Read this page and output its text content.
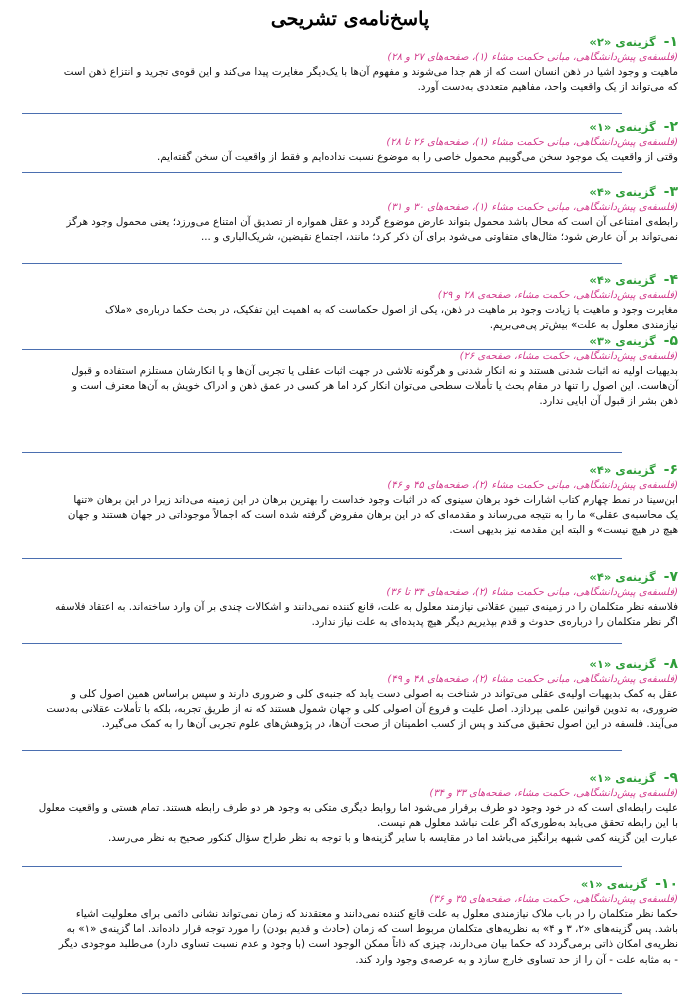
پاسخ‌نامه‌ی تشریحی
۱- گزینه‌ی «۲»
(فلسفه‌ی پیش‌دانشگاهی، مبانی حکمت مشاء (۱)، صفحه‌های ۲۷ و ۲۸)

ماهیت و وجود اشیا در ذهن انسان است که از هم جدا می‌شوند و مفهوم آن‌ها با یک‌دیگر مغایرت پیدا می‌کند و این قوه‌ی تجرید و انتزاع ذهن است

که می‌تواند از یک واقعیت واحد، مفاهیم متعددی به‌دست آورد.

۲- گزینه‌ی «۱»
(فلسفه‌ی پیش‌دانشگاهی، مبانی حکمت مشاء (۱)، صفحه‌های ۲۶ تا ۲۸)

وقتی از واقعیت یک موجود سخن می‌گوییم محمول خاصی را به موضوع نسبت نداده‌ایم و فقط از واقعیت آن سخن گفته‌ایم.

۳- گزینه‌ی «۴»
(فلسفه‌ی پیش‌دانشگاهی، مبانی حکمت مشاء (۱)، صفحه‌های ۳۰ و ۳۱)

رابطه‌ی امتناعی آن است که محال باشد محمول بتواند عارض موضوع گردد و عقل همواره از تصدیق آن امتناع می‌ورزد؛ یعنی محمول وجود هرگز

نمی‌تواند بر آن عارض شود؛ مثال‌های متفاوتی می‌شود برای آن ذکر کرد؛ مانند، اجتماع نقیضین، شریک‌الباری و ...

۴- گزینه‌ی «۴»
(فلسفه‌ی پیش‌دانشگاهی، حکمت مشاء، صفحه‌ی ۲۸ و ۲۹)

مغایرت وجود و ماهیت یا زیادت وجود بر ماهیت در ذهن، یکی از اصول حکماست که به اهمیت این تفکیک، در بحث حکما درباره‌ی «ملاک

نیازمندی معلول به علت» بیش‌تر پی‌می‌بریم.

۵- گزینه‌ی «۳»
(فلسفه‌ی پیش‌دانشگاهی، حکمت مشاء، صفحه‌ی ۲۶)

بدیهیات اولیه نه اثبات شدنی هستند و نه انکار شدنی و هرگونه تلاشی در جهت اثبات عقلی یا تجربی آن‌ها و یا انکارشان مستلزم استفاده و قبول

آن‌هاست. این اصول را تنها در مقام بحث یا تأملات سطحی می‌توان انکار کرد اما هر کسی در عمق ذهن و ادراک خویش به آن‌ها معترف است و

ذهن بشر از قبول آن ابایی ندارد.

۶- گزینه‌ی «۴»
(فلسفه‌ی پیش‌دانشگاهی، مبانی حکمت مشاء (۲)، صفحه‌های ۴۵ و ۴۶)

ابن‌سینا در نمط چهارم کتاب اشارات خود برهان سینوی که در اثبات وجود خداست را بهترین برهان در این زمینه می‌داند زیرا در این برهان «تنها

یک محاسبه‌ی عقلی» ما را به نتیجه می‌رساند و مقدمه‌ای که در این برهان مفروض گرفته شده است که اجمالاً موجوداتی در جهان هستند و جهان

هیچ در هیچ نیست» و البته این مقدمه نیز بدیهی است.

۷- گزینه‌ی «۴»
(فلسفه‌ی پیش‌دانشگاهی، مبانی حکمت مشاء (۲)، صفحه‌های ۳۴ تا ۳۶)

فلاسفه نظر متکلمان را در زمینه‌ی تبیین عقلانی نیازمند معلول به علت، قانع کننده نمی‌دانند و اشکالات چندی بر آن وارد ساخته‌اند. به اعتقاد فلاسفه

اگر نظر متکلمان را درباره‌ی حدوث و قدم بپذیریم دیگر هیچ پدیده‌ای به علت نیاز ندارد.

۸- گزینه‌ی «۱»
(فلسفه‌ی پیش‌دانشگاهی، مبانی حکمت مشاء (۲)، صفحه‌های ۴۸ و ۴۹)

عقل به کمک بدیهیات اولیه‌ی عقلی می‌تواند در شناخت به اصولی دست یابد که جنبه‌ی کلی و ضروری دارند و سپس براساس همین اصول کلی و

ضروری، به تدوین قوانین علمی بپردازد. اصل علیت و فروع آن اصولی کلی و جهان شمول هستند که نه از طریق تجربه، بلکه با تأملات عقلانی به‌دست

می‌آیند. فلسفه در این اصول تحقیق می‌کند و پس از کسب اطمینان از صحت آن‌ها، در پژوهش‌های علوم تجربی آن‌ها را به کمک می‌گیرد.

۹- گزینه‌ی «۱»
(فلسفه‌ی پیش‌دانشگاهی، حکمت مشاء، صفحه‌های ۳۳ و ۳۴)

علیت رابطه‌ای است که در خود وجود دو طرف برقرار می‌شود اما روابط دیگری متکی به وجود هر دو طرف رابطه هستند. تمام هستی و واقعیت معلول

با این رابطه تحقق می‌یابد به‌طوری‌که اگر علت نباشد معلول هم نیست.

عبارت این گزینه کمی شبهه برانگیز می‌باشد اما در مقایسه با سایر گزینه‌ها و با توجه به نظر طراح سؤال کنکور صحیح به نظر می‌رسد.

۱۰- گزینه‌ی «۱»
(فلسفه‌ی پیش‌دانشگاهی، حکمت مشاء، صفحه‌های ۳۵ و ۳۶)

حکما نظر متکلمان را در باب ملاک نیازمندی معلول به علت قانع کننده نمی‌دانند و معتقدند که زمان نمی‌تواند نشانی دائمی برای معلولیت اشیاء

باشد. پس گزینه‌های «۲، ۳ و ۴» به نظریه‌های متکلمان مربوط است که زمان (حادث و قدیم بودن) را مورد توجه قرار داده‌اند. اما گزینه‌ی «۱» به

نظریه‌ی امکان ذاتی برمی‌گردد که حکما بیان می‌دارند، چیزی که ذاتاً ممکن الوجود است (با وجود و عدم نسبت تساوی دارد) می‌طلبد موجودی دیگر

- به مثابه علت - آن را از حد تساوی خارج سازد و به عرصه‌ی وجود وارد کند.
